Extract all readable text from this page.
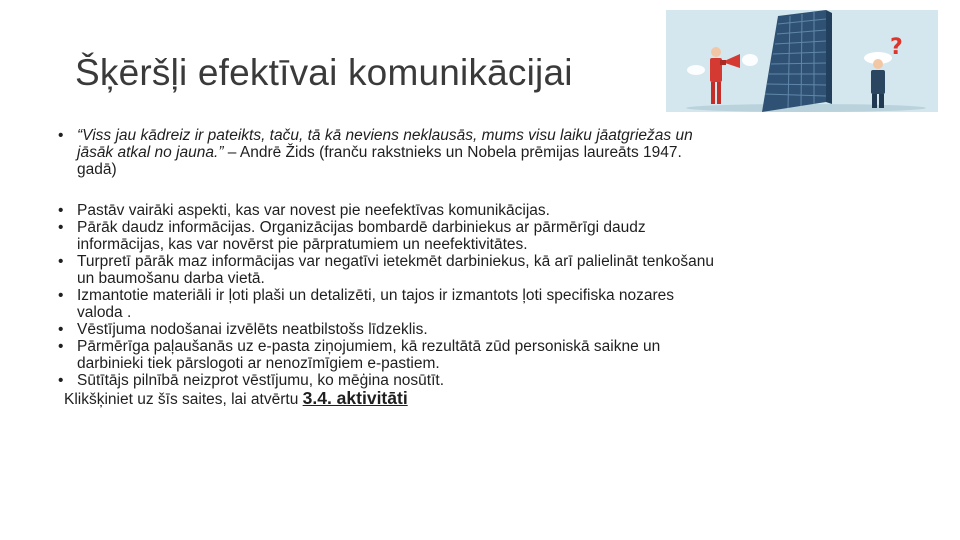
Šķēršļi efektīvai komunikācijai
?
• “Viss jau kādreiz ir pateikts, taču, tā kā neviens neklausās, mums visu laiku jāatgriežas un jāsāk atkal no jauna.” – Andrē Žids (franču rakstnieks un Nobela prēmijas laureāts 1947. gadā)
• Pastāv vairāki aspekti, kas var novest pie neefektīvas komunikācijas.
• Pārāk daudz informācijas. Organizācijas bombardē darbiniekus ar pārmērīgi daudz informācijas, kas var novērst pie pārpratumiem un neefektivitātes.
• Turpretī pārāk maz informācijas var negatīvi ietekmēt darbiniekus, kā arī palielināt tenkošanu un baumošanu darba vietā.
• Izmantotie materiāli ir ļoti plaši un detalizēti, un tajos ir izmantots ļoti specifiska nozares valoda .
• Vēstījuma nodošanai izvēlēts neatbilstošs līdzeklis.
• Pārmērīga paļaušanās uz e-pasta ziņojumiem, kā rezultātā zūd personiskā saikne un darbinieki tiek pārslogoti ar nenozīmīgiem e-pastiem.
• Sūtītājs pilnībā neizprot vēstījumu, ko mēģina nosūtīt.
Klikšķiniet uz šīs saites, lai atvērtu 3.4. aktivitāti
